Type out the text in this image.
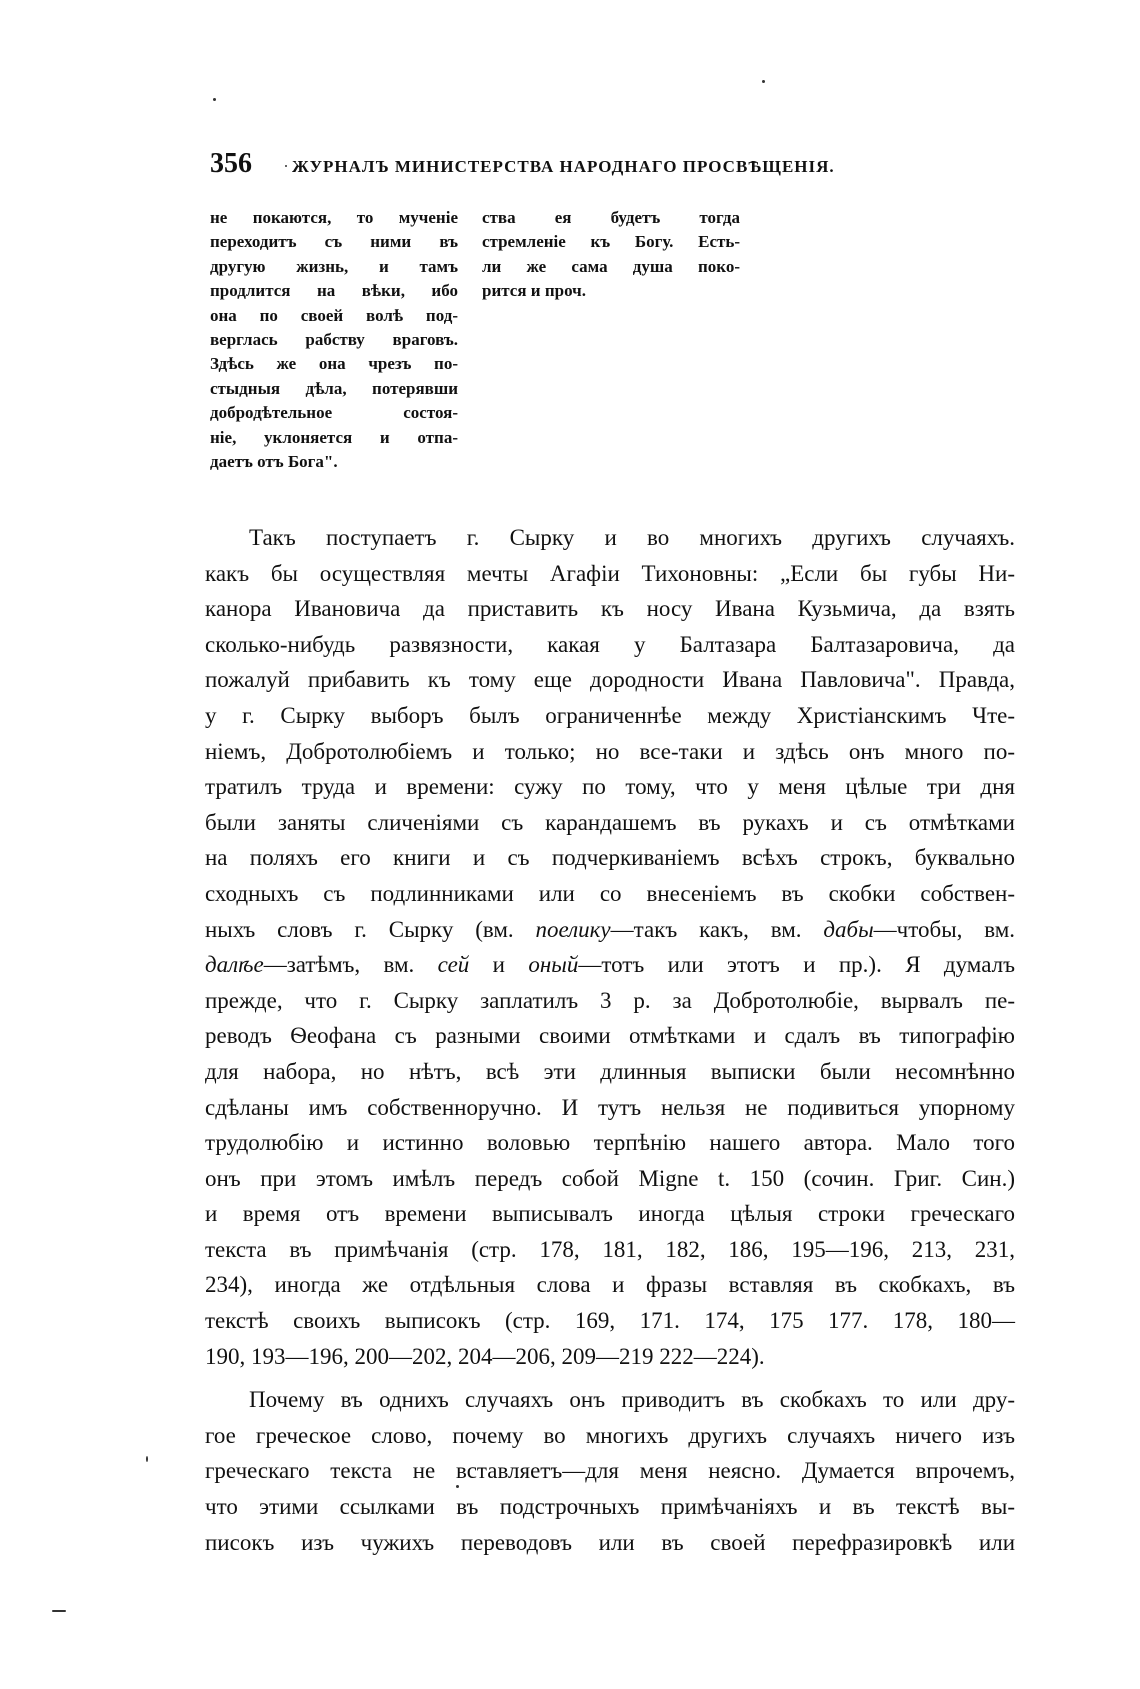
356 ЖУРНАЛЪ МИНИСТЕРСТВА НАРОДНАГО ПРОСВѢЩЕНІЯ.
не покаются, то мученіе
переходитъ съ ними въ
другую жизнь, и тамъ
продлится на вѣки, ибо
она по своей волѣ под-
верглась рабству враговъ.
Здѣсь же она чрезъ по-
стыдныя дѣла, потерявши
добродѣтельное состоя-
ніе, уклоняется и отпа-
даетъ отъ Бога".
ства ея будетъ тогда
стремленіе къ Богу. Есть-
ли же сама душа поко-
рится и проч.
Такъ поступаетъ г. Сырку и во многихъ другихъ случаяхъ.
какъ бы осуществляя мечты Агафіи Тихоновны: „Если бы губы Ни-
канора Ивановича да приставить къ носу Ивана Кузьмича, да взять
сколько-нибудь развязности, какая у Балтазара Балтазаровича, да
пожалуй прибавить къ тому еще дородности Ивана Павловича". Правда,
у г. Сырку выборъ былъ ограниченнѣе между Христіанскимъ Чте-
ніемъ, Добротолюбіемъ и только; но все-таки и здѣсь онъ много по-
тратилъ труда и времени: сужу по тому, что у меня цѣлые три дня
были заняты сличеніями съ карандашемъ въ рукахъ и съ отмѣтками
на поляхъ его книги и съ подчеркиваніемъ всѣхъ строкъ, буквально
сходныхъ съ подлинниками или со внесеніемъ въ скобки собствен-
ныхъ словъ г. Сырку (вм. поелику—такъ какъ, вм. дабы—чтобы, вм.
далѣе—затѣмъ, вм. сей и оный—тотъ или этотъ и пр.). Я думалъ
прежде, что г. Сырку заплатилъ 3 р. за Добротолюбіе, вырвалъ пе-
реводъ Ѳеофана съ разными своими отмѣтками и сдалъ въ типографію
для набора, но нѣтъ, всѣ эти длинныя выписки были несомнѣнно
сдѣланы имъ собственноручно. И тутъ нельзя не подивиться упорному
трудолюбію и истинно воловью терпѣнію нашего автора. Мало того
онъ при этомъ имѣлъ передъ собой Migne t. 150 (сочин. Григ. Син.)
и время отъ времени выписывалъ иногда цѣлыя строки греческаго
текста въ примѣчанія (стр. 178, 181, 182, 186, 195—196, 213, 231,
234), иногда же отдѣльныя слова и фразы вставляя въ скобкахъ, въ
текстѣ своихъ выписокъ (стр. 169, 171. 174, 175 177. 178, 180—
190, 193—196, 200—202, 204—206, 209—219 222—224).
Почему въ однихъ случаяхъ онъ приводитъ въ скобкахъ то или дру-
гое греческое слово, почему во многихъ другихъ случаяхъ ничего изъ
греческаго текста не вставляетъ—для меня неясно. Думается впрочемъ,
что этими ссылками въ подстрочныхъ примѣчаніяхъ и въ текстѣ вы-
писокъ изъ чужихъ переводовъ или въ своей перефразировкѣ или
